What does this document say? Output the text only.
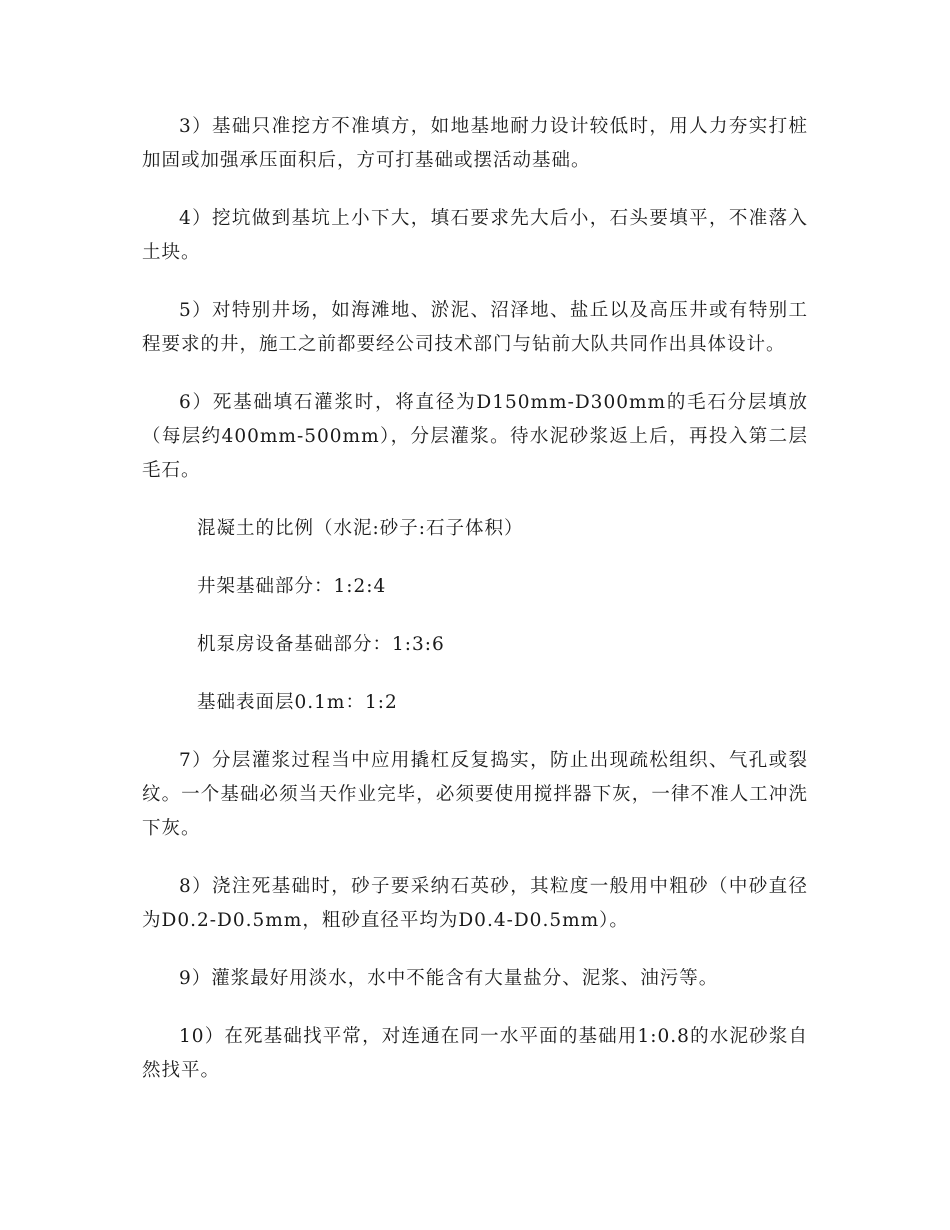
3）基础只准挖方不准填方，如地基地耐力设计较低时，用人力夯实打桩加固或加强承压面积后，方可打基础或摆活动基础。

4）挖坑做到基坑上小下大，填石要求先大后小，石头要填平，不准落入土块。

5）对特别井场，如海滩地、淤泥、沼泽地、盐丘以及高压井或有特别工程要求的井，施工之前都要经公司技术部门与钻前大队共同作出具体设计。

6）死基础填石灌浆时，将直径为D150mm-D300mm的毛石分层填放（每层约400mm-500mm），分层灌浆。待水泥砂浆返上后，再投入第二层毛石。

混凝土的比例（水泥:砂子:石子体积）

井架基础部分：1:2:4

机泵房设备基础部分：1:3:6

基础表面层0.1m：1:2

7）分层灌浆过程当中应用撬杠反复捣实，防止出现疏松组织、气孔或裂纹。一个基础必须当天作业完毕，必须要使用搅拌器下灰，一律不准人工冲洗下灰。

8）浇注死基础时，砂子要采纳石英砂，其粒度一般用中粗砂（中砂直径为D0.2-D0.5mm，粗砂直径平均为D0.4-D0.5mm）。

9）灌浆最好用淡水，水中不能含有大量盐分、泥浆、油污等。

10）在死基础找平常，对连通在同一水平面的基础用1:0.8的水泥砂浆自然找平。
